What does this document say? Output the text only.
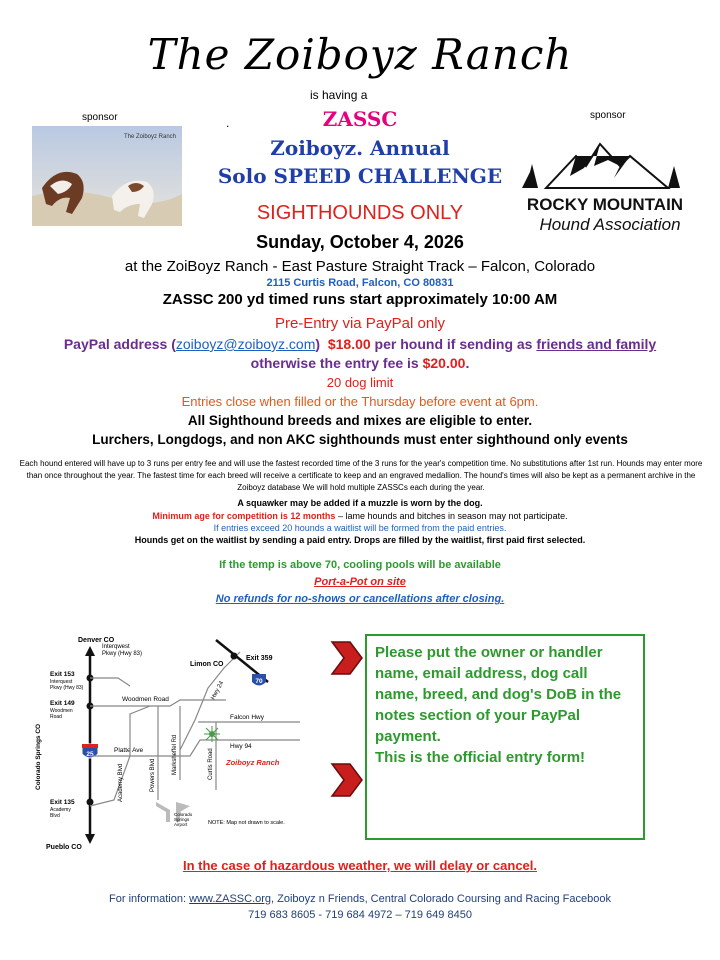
The Zoiboyz Ranch
is having a
sponsor	sponsor
.
The Zoiboyz Ranch
ROCKY MOUNTAIN
Hound Association
ZASSC
Zoiboyz. Annual
Solo SPEED CHALLENGE
SIGHTHOUNDS ONLY
Sunday, October 4, 2026
at the ZoiBoyz Ranch - East Pasture Straight Track – Falcon, Colorado
2115 Curtis Road, Falcon, CO 80831
ZASSC 200 yd timed runs start approximately 10:00 AM
Pre-Entry via PayPal only
PayPal address (zoiboyz@zoiboyz.com) $18.00 per hound if sending as friends and family
otherwise the entry fee is $20.00.
20 dog limit
Entries close when filled or the Thursday before event at 6pm.
All Sighthound breeds and mixes are eligible to enter.
Lurchers, Longdogs, and non AKC sighthounds must enter sighthound only events
Each hound entered will have up to 3 runs per entry fee and will use the fastest recorded time of the 3 runs for the year's competition time. No substitutions after 1st run. Hounds may enter more than once throughout the year. The fastest time for each breed will receive a certificate to keep and an engraved medallion. The hound's times will also be kept as a permanent archive in the Zoiboyz database We will hold multiple ZASSCs each during the year.
A squawker may be added if a muzzle is worn by the dog.
Minimum age for competition is 12 months – lame hounds and bitches in season may not participate.
If entries exceed 20 hounds a waitlist will be formed from the paid entries.
Hounds get on the waitlist by sending a paid entry. Drops are filled by the waitlist, first paid first selected.
If the temp is above 70, cooling pools will be available
Port-a-Pot on site
No refunds for no-shows or cancellations after closing.
Denver CO
Pueblo CO
Exit 153
Interquest
Pkwy (Hwy 83)
Exit 149
Woodmen
Road
Exit 135
Academy
Blvd
Colorado Springs CO	25
Interqwest
Pkwy (Hwy 83)
Woodmen Road	Hwy 24
Limon CO
Exit 359
70
Falcon Hwy
Platte Ave
Hwy 94
Academy Blvd	Powers Blvd
Marksheffel Rd	Curtis Road Zoiboyz Ranch
Colorado
Springs
Airport	NOTE: Map not drawn to scale.
Please put the owner or handler name, email address, dog call name, breed, and dog's DoB in the notes section of your PayPal payment.
This is the official entry form!
In the case of hazardous weather, we will delay or cancel.
For information: www.ZASSC.org, Zoiboyz n Friends, Central Colorado Coursing and Racing Facebook
719 683 8605 - 719 684 4972 – 719 649 8450
